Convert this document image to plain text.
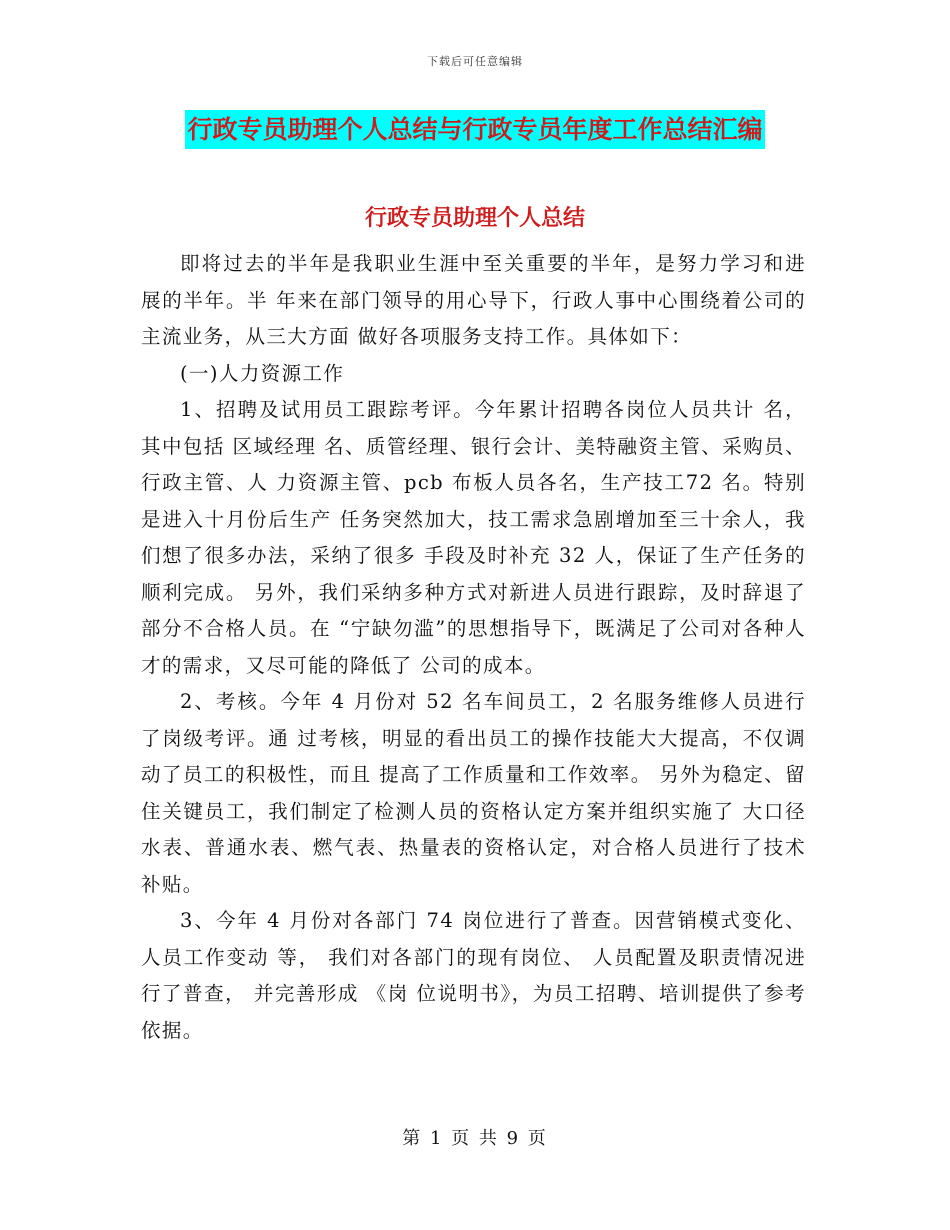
下载后可任意编辑
行政专员助理个人总结与行政专员年度工作总结汇编
行政专员助理个人总结

即将过去的半年是我职业生涯中至关重要的半年，是努力学习和进展的半年。半 年来在部门领导的用心导下，行政人事中心围绕着公司的主流业务，从三大方面 做好各项服务支持工作。具体如下：

(一)人力资源工作

1、招聘及试用员工跟踪考评。今年累计招聘各岗位人员共计 名，其中包括 区域经理 名、质管经理、银行会计、美特融资主管、采购员、行政主管、人 力资源主管、pcb 布板人员各名，生产技工72 名。特别是进入十月份后生产 任务突然加大，技工需求急剧增加至三十余人，我们想了很多办法，采纳了很多 手段及时补充 32 人，保证了生产任务的顺利完成。 另外，我们采纳多种方式对新进人员进行跟踪，及时辞退了部分不合格人员。在 “宁缺勿滥”的思想指导下，既满足了公司对各种人才的需求，又尽可能的降低了 公司的成本。

2、考核。今年 4 月份对 52 名车间员工，2 名服务维修人员进行了岗级考评。通 过考核，明显的看出员工的操作技能大大提高，不仅调动了员工的积极性，而且 提高了工作质量和工作效率。 另外为稳定、留住关键员工，我们制定了检测人员的资格认定方案并组织实施了 大口径水表、普通水表、燃气表、热量表的资格认定，对合格人员进行了技术补贴。

3、今年 4 月份对各部门 74 岗位进行了普查。因营销模式变化、人员工作变动 等， 我们对各部门的现有岗位、 人员配置及职责情况进行了普查， 并完善形成 《岗 位说明书》，为员工招聘、培训提供了参考依据。

第 1 页 共 9 页
